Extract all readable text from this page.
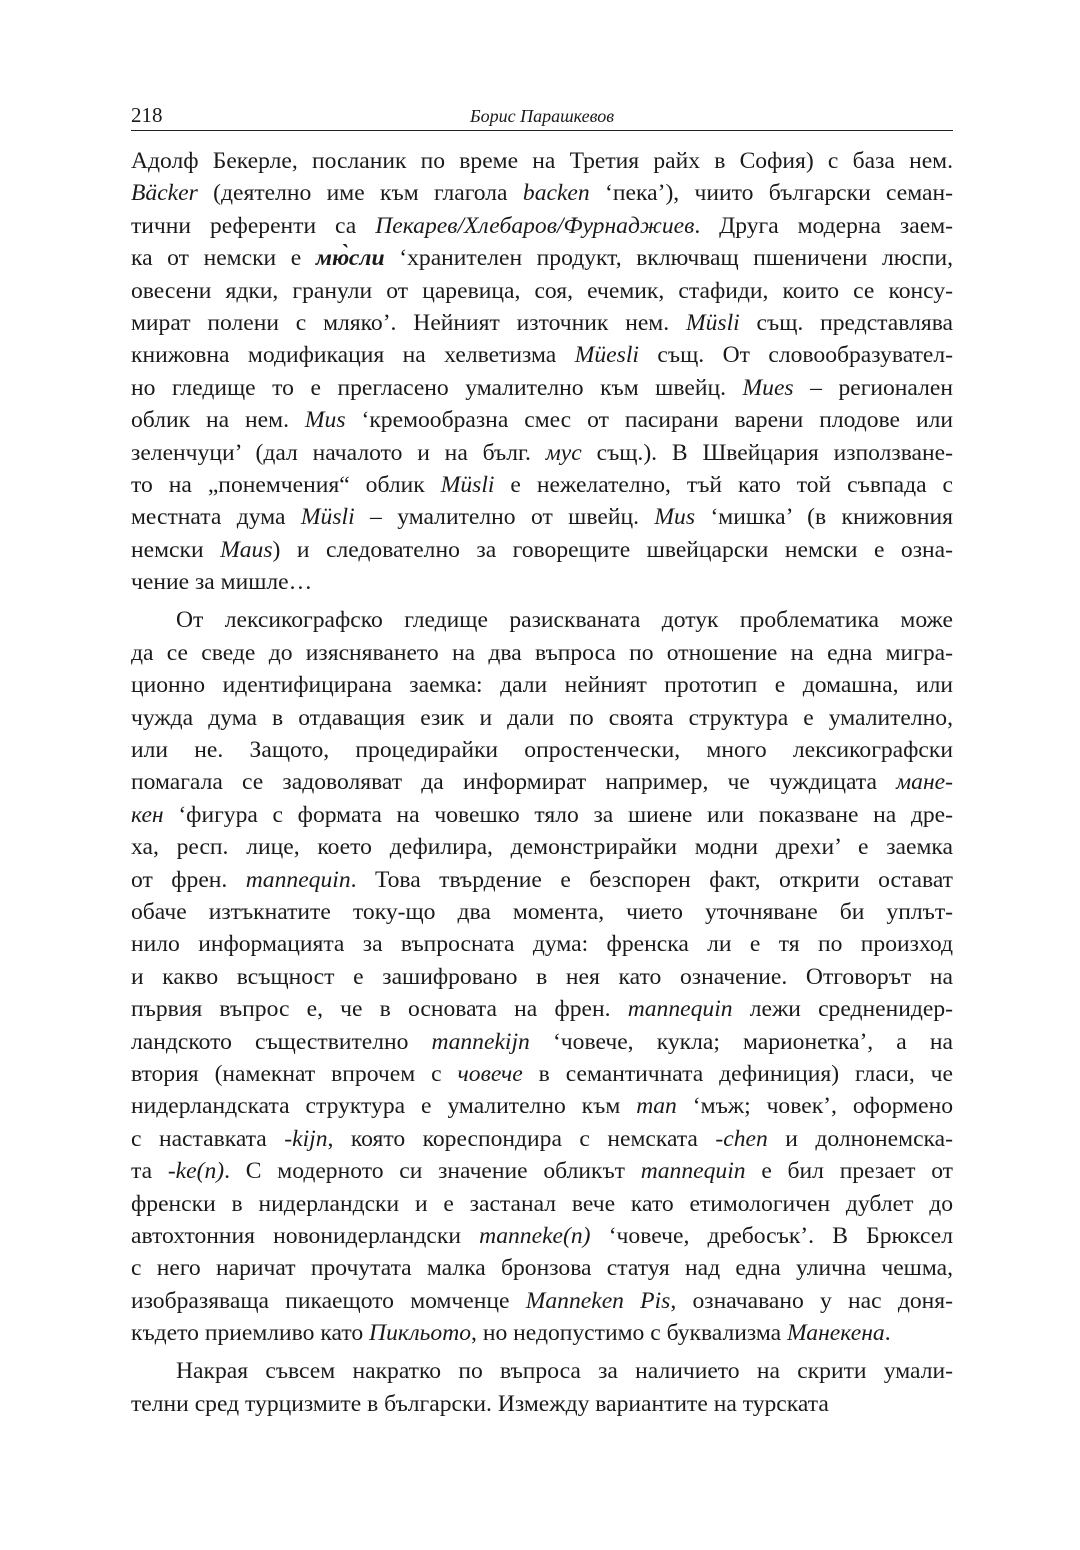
218	Борис Парашкевов
Адолф Бекерле, посланик по време на Третия райх в София) с база нем.
Bäcker (деятелно име към глагола backen ‘пека’), чиито български семан-
тични референти са Пекарев/Хлебаров/Фурнаджиев. Друга модерна заем-
ка от немски е мю̀сли ‘хранителен продукт, включващ пшеничени люспи,
овесени ядки, гранули от царевица, соя, ечемик, стафиди, които се консу-
мират полени с мляко’. Нейният източник нем. Müsli същ. представлява
книжовна модификация на хелветизма Müesli същ. От словообразувател-
но гледище то е прегласено умалително към швейц. Mues – регионален
облик на нем. Mus ‘кремообразна смес от пасирани варени плодове или
зеленчуци’ (дал началото и на бълг. мус същ.). В Швейцария използване-
то на „понемчения“ облик Müsli е нежелателно, тъй като той съвпада с
местната дума Müsli – умалително от швейц. Mus ‘мишка’ (в книжовния
немски Maus) и следователно за говорещите швейцарски немски е озна-
чение за мишле…
От лексикографско гледище разискваната дотук проблематика може
да се сведе до изясняването на два въпроса по отношение на една мигра-
ционно идентифицирана заемка: дали нейният прототип е домашна, или
чужда дума в отдаващия език и дали по своята структура е умалително,
или не. Защото, процедирайки опростенчески, много лексикографски
помагала се задоволяват да информират например, че чуждицата мане-
кен ‘фигура с формата на човешко тяло за шиене или показване на дре-
ха, респ. лице, което дефилира, демонстрирайки модни дрехи’ е заемка
от френ. mannequin. Това твърдение е безспорен факт, открити остават
обаче изтъкнатите току-що два момента, чието уточняване би уплът-
нило информацията за въпросната дума: френска ли е тя по произход
и какво всъщност е зашифровано в нея като означение. Отговорът на
първия въпрос е, че в основата на френ. mannequin лежи средненидер-
ландското съществително mannekijn ‘човече, кукла; марионетка’, а на
втория (намекнат впрочем с човече в семантичната дефиниция) гласи, че
нидерландската структура е умалително към man ‘мъж; човек’, оформено
с наставката -kijn, която кореспондира с немската -chen и долнонемска-
та -ke(n). С модерното си значение обликът mannequin е бил презает от
френски в нидерландски и е застанал вече като етимологичен дублет до
автохтонния новонидерландски manneke(n) ‘човече, дребосък’. В Брюксел
с него наричат прочутата малка бронзова статуя над една улична чешма,
изобразяваща пикаещото момченце Manneken Pis, означавано у нас доня-
където приемливо като Пикльото, но недопустимо с буквализма Манекена.
Накрая съвсем накратко по въпроса за наличието на скрити умали-
телни сред турцизмите в български. Измежду вариантите на турската
